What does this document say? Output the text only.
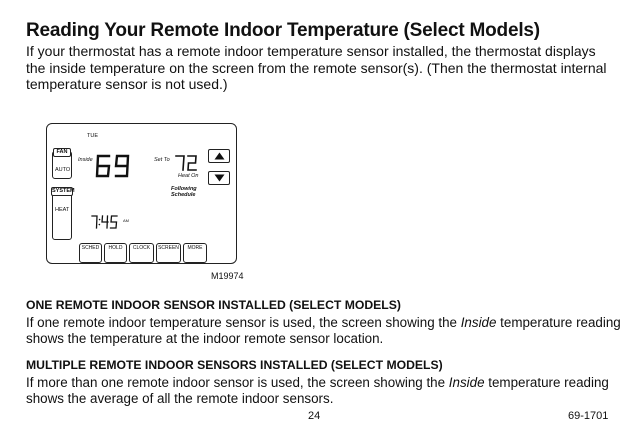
Reading Your Remote Indoor Temperature (Select Models)
If your thermostat has a remote indoor temperature sensor installed, the thermostat displays the inside temperature on the screen from the remote sensor(s). (Then the thermostat internal temperature sensor is not used.)
TUE
FAN
AUTO
SYSTEM
HEAT
Inside	Set To
Heat On
Following
Schedule
AM
SCHED	HOLD	CLOCK	SCREEN	MORE
M19974
ONE REMOTE INDOOR SENSOR INSTALLED (SELECT MODELS)
If one remote indoor temperature sensor is used, the screen showing the Inside temperature reading shows the temperature at the indoor remote sensor location.
MULTIPLE REMOTE INDOOR SENSORS INSTALLED (SELECT MODELS)
If more than one remote indoor sensor is used, the screen showing the Inside temperature reading shows the average of all the remote indoor sensors.
24	69-1701
